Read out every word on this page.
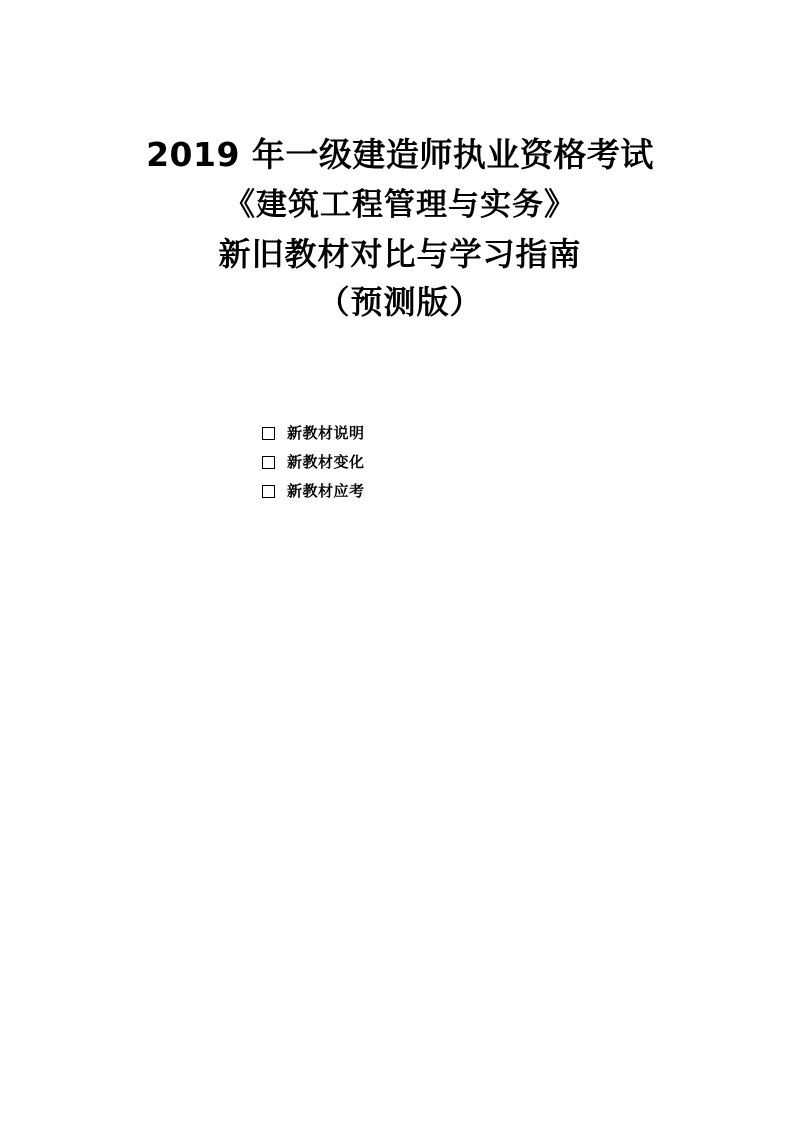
2019 年一级建造师执业资格考试
《建筑工程管理与实务》
新旧教材对比与学习指南
（预测版）
新教材说明
新教材变化
新教材应考
